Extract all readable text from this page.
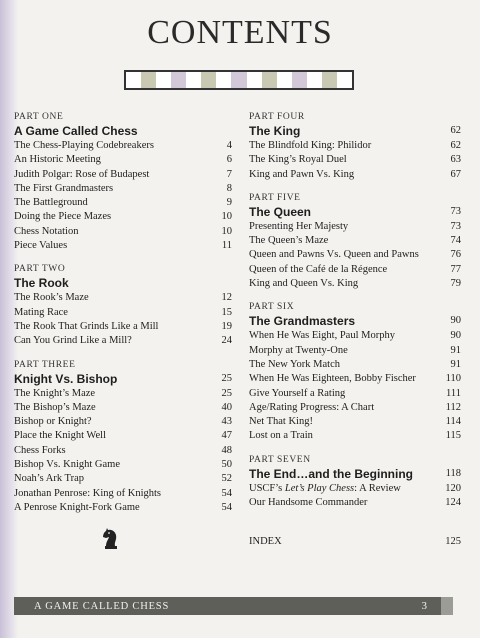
CONTENTS
PART ONE
A Game Called Chess
The Chess-Playing Codebreakers	4
An Historic Meeting	6
Judith Polgar: Rose of Budapest	7
The First Grandmasters	8
The Battleground	9
Doing the Piece Mazes	10
Chess Notation	10
Piece Values	11
PART TWO
The Rook
The Rook’s Maze	12
Mating Race	15
The Rook That Grinds Like a Mill	19
Can You Grind Like a Mill?	24
PART THREE
Knight Vs. Bishop	25
The Knight’s Maze	25
The Bishop’s Maze	40
Bishop or Knight?	43
Place the Knight Well	47
Chess Forks	48
Bishop Vs. Knight Game	50
Noah’s Ark Trap	52
Jonathan Penrose: King of Knights	54
A Penrose Knight-Fork Game	54
PART FOUR
The King	62
The Blindfold King: Philidor	62
The King’s Royal Duel	63
King and Pawn Vs. King	67
PART FIVE
The Queen	73
Presenting Her Majesty	73
The Queen’s Maze	74
Queen and Pawns Vs. Queen and Pawns	76
Queen of the Café de la Régence	77
King and Queen Vs. King	79
PART SIX
The Grandmasters	90
When He Was Eight, Paul Morphy	90
Morphy at Twenty-One	91
The New York Match	91
When He Was Eighteen, Bobby Fischer	110
Give Yourself a Rating	111
Age/Rating Progress: A Chart	112
Net That King!	114
Lost on a Train	115
PART SEVEN
The End…and the Beginning	118
USCF’s Let’s Play Chess: A Review	120
Our Handsome Commander	124
INDEX	125
A GAME CALLED CHESS	3
